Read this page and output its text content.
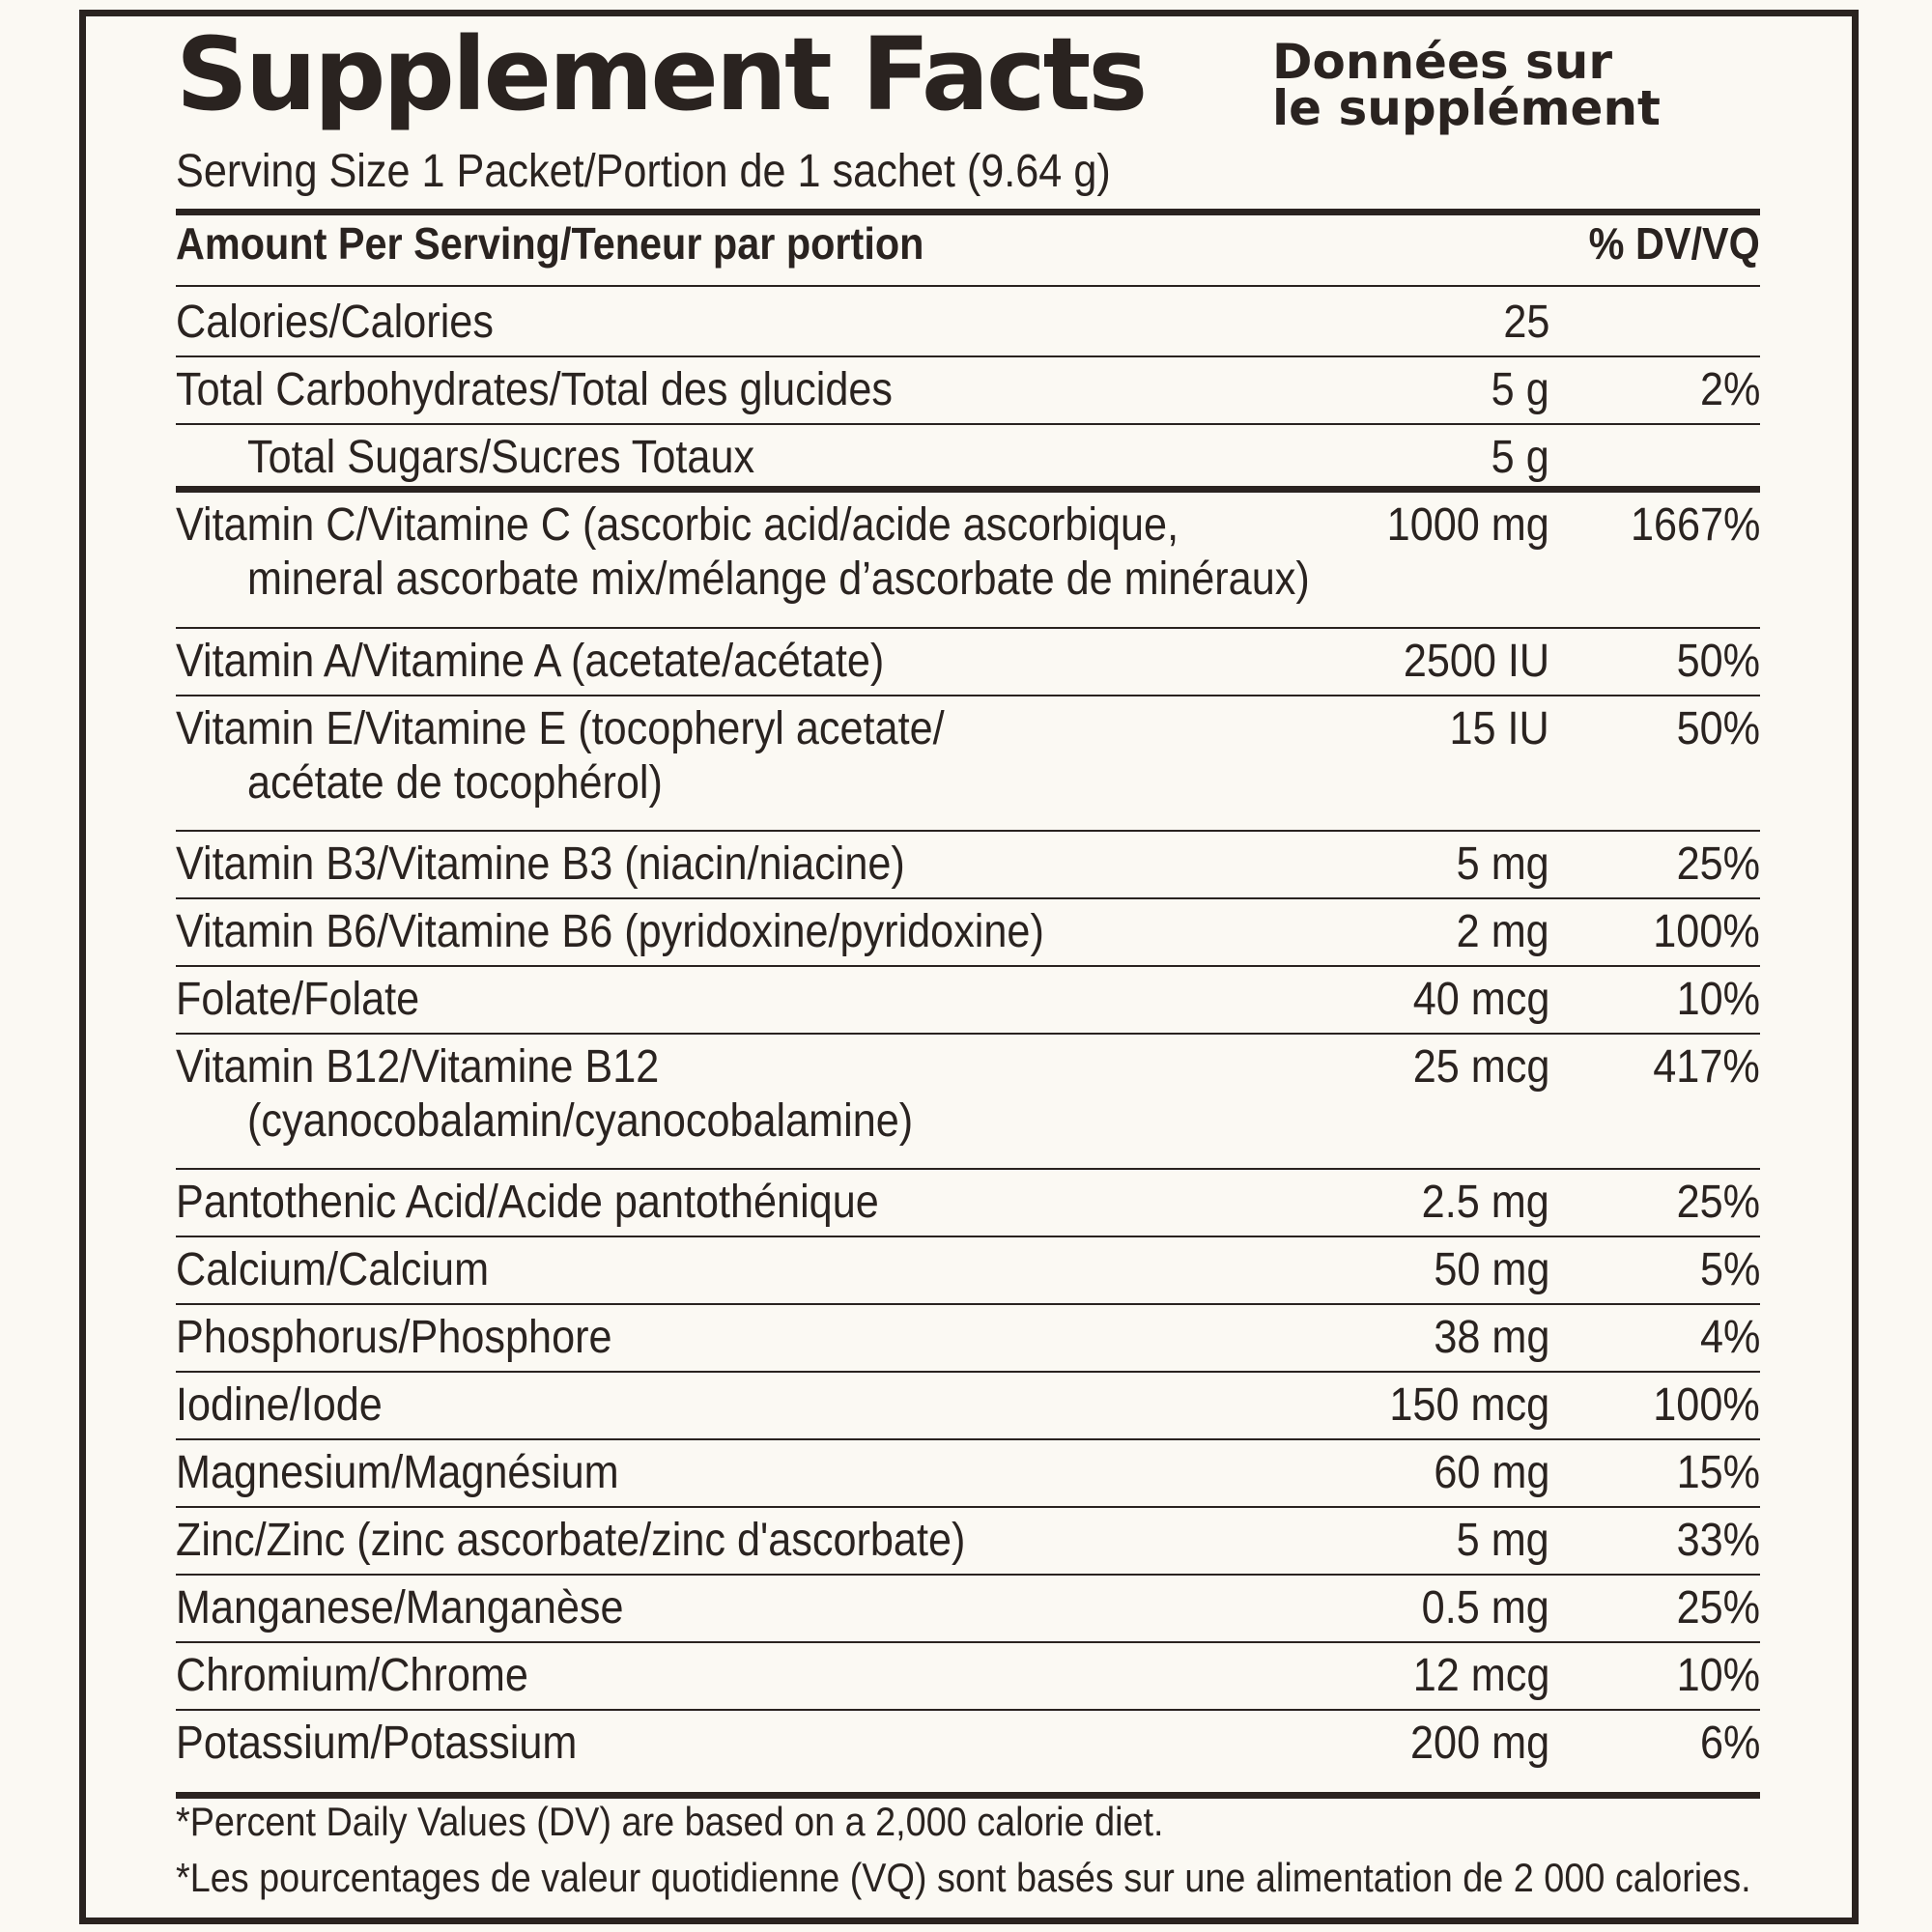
Supplement Facts	Données sur
le supplément
Serving Size 1 Packet/Portion de 1 sachet (9.64 g)
Amount Per Serving/Teneur par portion	% DV/VQ
Calories/Calories	25
Total Carbohydrates/Total des glucides	5 g	2%
Total Sugars/Sucres Totaux	5 g
Vitamin C/Vitamine C (ascorbic acid/acide ascorbique,
mineral ascorbate mix/mélange d’ascorbate de minéraux)
1000 mg 1667%
Vitamin A/Vitamine A (acetate/acétate)	2500 IU	50%
Vitamin E/Vitamine E (tocopheryl acetate/
acétate de tocophérol)
15 IU	50%
Vitamin B3/Vitamine B3 (niacin/niacine)	5 mg	25%
Vitamin B6/Vitamine B6 (pyridoxine/pyridoxine)	2 mg 100%
Folate/Folate	40 mcg	10%
Vitamin B12/Vitamine B12
(cyanocobalamin/cyanocobalamine)
25 mcg 417%
Pantothenic Acid/Acide pantothénique	2.5 mg	25%
Calcium/Calcium	50 mg	5%
Phosphorus/Phosphore	38 mg	4%
Iodine/Iode	150 mcg 100%
Magnesium/Magnésium	60 mg	15%
Zinc/Zinc (zinc ascorbate/zinc d'ascorbate)	5 mg	33%
Manganese/Manganèse	0.5 mg	25%
Chromium/Chrome	12 mcg	10%
Potassium/Potassium	200 mg	6%
*Percent Daily Values (DV) are based on a 2,000 calorie diet.
*Les pourcentages de valeur quotidienne (VQ) sont basés sur une alimentation de 2 000 calories.
